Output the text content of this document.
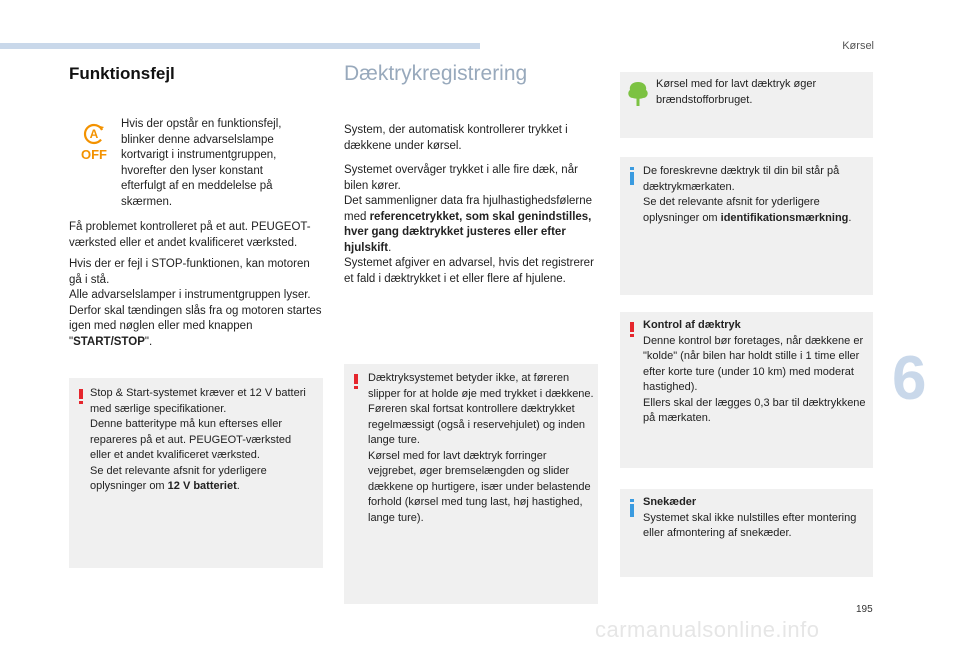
Kørsel
6
195
carmanualsonline.info
Funktionsfejl
A
OFF

Hvis der opstår en funktionsfejl, blinker denne advarselslampe kortvarigt i instrumentgruppen, hvorefter den lyser konstant efterfulgt af en meddelelse på skærmen.

Få problemet kontrolleret på et aut. PEUGEOT-værksted eller et andet kvalificeret værksted.

Hvis der er fejl i STOP-funktionen, kan motoren gå i stå.

Alle advarselslamper i instrumentgruppen lyser. Derfor skal tændingen slås fra og motoren startes igen med nøglen eller med knappen "START/STOP".

Stop & Start-systemet kræver et 12 V batteri med særlige specifikationer.

Denne batteritype må kun efterses eller repareres på et aut. PEUGEOT-værksted eller et andet kvalificeret værksted.

Se det relevante afsnit for yderligere oplysninger om 12 V batteriet.

Dæktrykregistrering

System, der automatisk kontrollerer trykket i dækkene under kørsel.

Systemet overvåger trykket i alle fire dæk, når bilen kører.

Det sammenligner data fra hjulhastighedsfølerne med referencetrykket, som skal genindstilles, hver gang dæktrykket justeres eller efter hjulskift.

Systemet afgiver en advarsel, hvis det registrerer et fald i dæktrykket i et eller flere af hjulene.

Dæktryksystemet betyder ikke, at føreren slipper for at holde øje med trykket i dækkene.

Føreren skal fortsat kontrollere dæktrykket regelmæssigt (også i reservehjulet) og inden lange ture.

Kørsel med for lavt dæktryk forringer vejgrebet, øger bremselængden og slider dækkene op hurtigere, især under belastende forhold (kørsel med tung last, høj hastighed, lange ture).

Kørsel med for lavt dæktryk øger brændstofforbruget.

De foreskrevne dæktryk til din bil står på dæktrykmærkaten.

Se det relevante afsnit for yderligere oplysninger om identifikationsmærkning.

Kontrol af dæktryk

Denne kontrol bør foretages, når dækkene er "kolde" (når bilen har holdt stille i 1 time eller efter korte ture (under 10 km) med moderat hastighed).

Ellers skal der lægges 0,3 bar til dæktrykkene på mærkaten.

Snekæder

Systemet skal ikke nulstilles efter montering eller afmontering af snekæder.
